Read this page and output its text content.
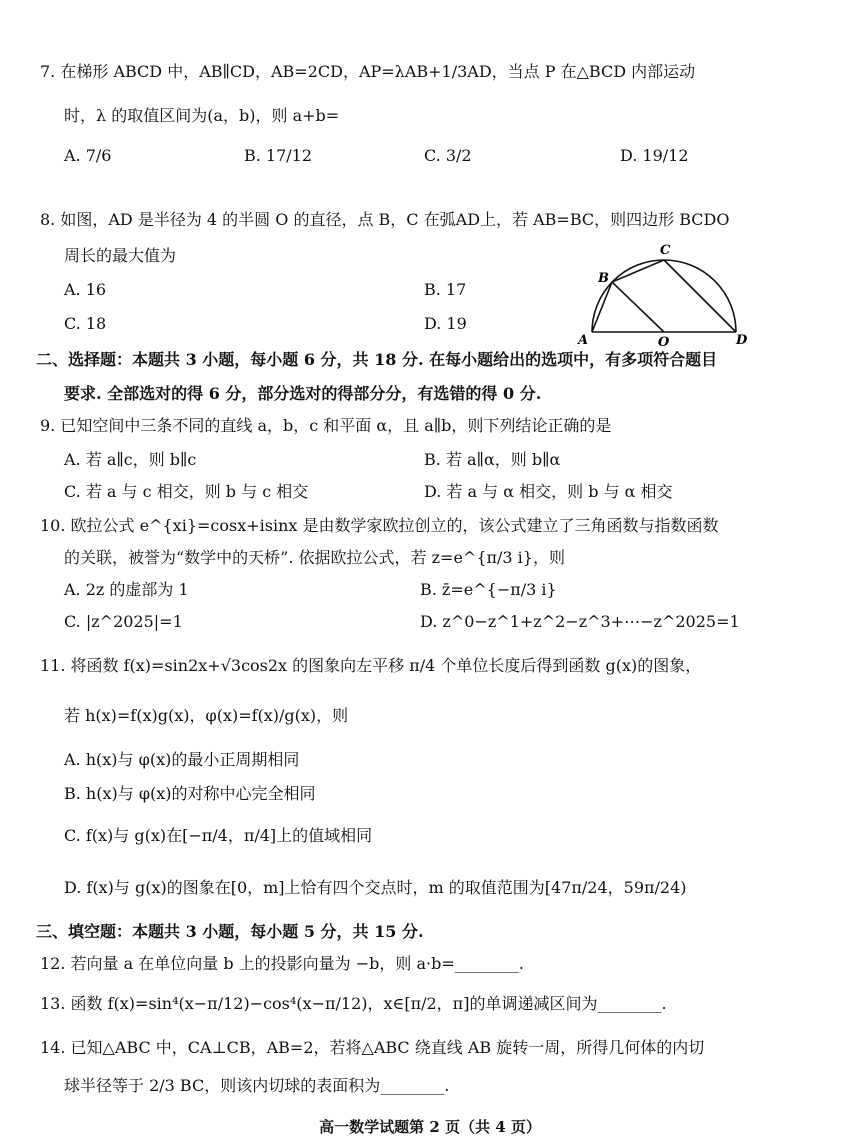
7. 在梯形 ABCD 中，AB∥CD，AB=2CD，AP=λAB+1/3AD，当点 P 在△BCD 内部运动
时，λ 的取值区间为(a，b)，则 a+b=
A. 7/6	B. 17/12	C. 3/2	D. 19/12
8. 如图，AD 是半径为 4 的半圆 O 的直径，点 B，C 在弧AD上，若 AB=BC，则四边形 BCDO
周长的最大值为
A. 16	B. 17
C. 18	D. 19
A
B
C
D
O
二、选择题：本题共 3 小题，每小题 6 分，共 18 分. 在每小题给出的选项中，有多项符合题目
要求. 全部选对的得 6 分，部分选对的得部分分，有选错的得 0 分.
9. 已知空间中三条不同的直线 a，b，c 和平面 α，且 a∥b，则下列结论正确的是
A. 若 a∥c，则 b∥c	B. 若 a∥α，则 b∥α
C. 若 a 与 c 相交，则 b 与 c 相交	D. 若 a 与 α 相交，则 b 与 α 相交
10. 欧拉公式 e^{xi}=cosx+isinx 是由数学家欧拉创立的，该公式建立了三角函数与指数函数
的关联，被誉为“数学中的天桥”. 依据欧拉公式，若 z=e^{π/3 i}，则
A. 2z 的虚部为 1	B. z̄=e^{−π/3 i}
C. |z^2025|=1	D. z^0−z^1+z^2−z^3+⋯−z^2025=1
11. 将函数 f(x)=sin2x+√3cos2x 的图象向左平移 π/4 个单位长度后得到函数 g(x)的图象，
若 h(x)=f(x)g(x)，φ(x)=f(x)/g(x)，则
A. h(x)与 φ(x)的最小正周期相同
B. h(x)与 φ(x)的对称中心完全相同
C. f(x)与 g(x)在[−π/4，π/4]上的值域相同
D. f(x)与 g(x)的图象在[0，m]上恰有四个交点时，m 的取值范围为[47π/24，59π/24)
三、填空题：本题共 3 小题，每小题 5 分，共 15 分.
12. 若向量 a 在单位向量 b 上的投影向量为 −b，则 a·b=________.
13. 函数 f(x)=sin⁴(x−π/12)−cos⁴(x−π/12)，x∈[π/2，π]的单调递减区间为________.
14. 已知△ABC 中，CA⊥CB，AB=2，若将△ABC 绕直线 AB 旋转一周，所得几何体的内切
球半径等于 2/3 BC，则该内切球的表面积为________.
高一数学试题第 2 页（共 4 页）
